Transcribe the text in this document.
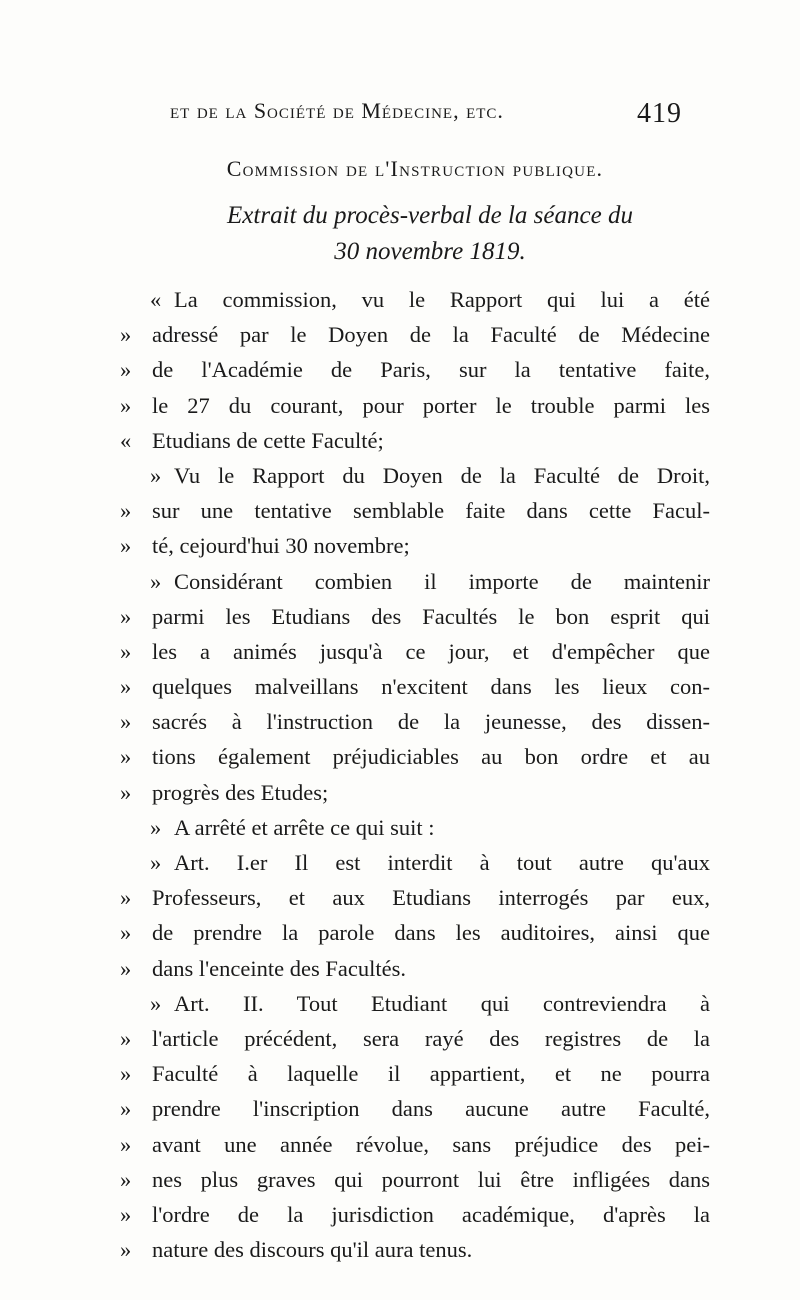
et de la Société de Médecine, etc.	419
Commission de l'Instruction publique.
Extrait du procès-verbal de la séance du
30 novembre 1819.
« La commission, vu le Rapport qui lui a été
» adressé par le Doyen de la Faculté de Médecine
» de l'Académie de Paris, sur la tentative faite,
» le 27 du courant, pour porter le trouble parmi les
« Etudians de cette Faculté;
» Vu le Rapport du Doyen de la Faculté de Droit,
» sur une tentative semblable faite dans cette Facul-
» té, cejourd'hui 30 novembre;
» Considérant combien il importe de maintenir
» parmi les Etudians des Facultés le bon esprit qui
» les a animés jusqu'à ce jour, et d'empêcher que
» quelques malveillans n'excitent dans les lieux con-
» sacrés à l'instruction de la jeunesse, des dissen-
» tions également préjudiciables au bon ordre et au
» progrès des Etudes;
» A arrêté et arrête ce qui suit :
» Art. I.er Il est interdit à tout autre qu'aux
» Professeurs, et aux Etudians interrogés par eux,
» de prendre la parole dans les auditoires, ainsi que
» dans l'enceinte des Facultés.
» Art. II. Tout Etudiant qui contreviendra à
» l'article précédent, sera rayé des registres de la
» Faculté à laquelle il appartient, et ne pourra
» prendre l'inscription dans aucune autre Faculté,
» avant une année révolue, sans préjudice des pei-
» nes plus graves qui pourront lui être infligées dans
» l'ordre de la jurisdiction académique, d'après la
» nature des discours qu'il aura tenus.
